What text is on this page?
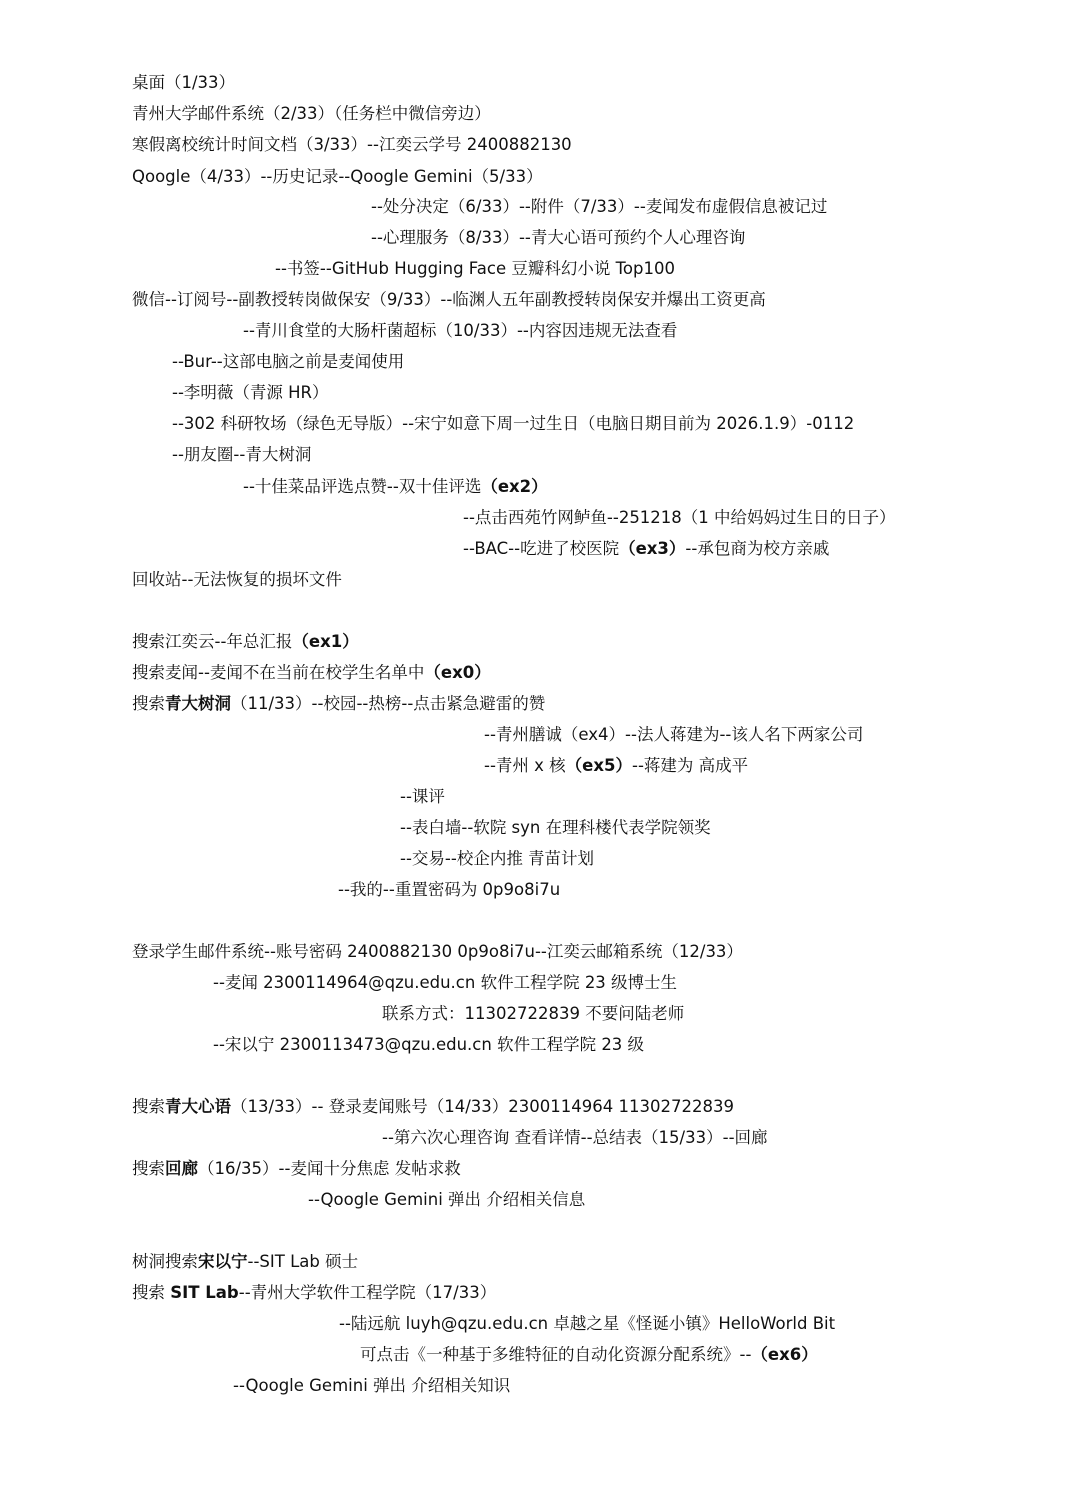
桌面（1/33）
青州大学邮件系统（2/33）（任务栏中微信旁边）
寒假离校统计时间文档（3/33）--江奕云学号 2400882130
Qoogle（4/33）--历史记录--Qoogle Gemini（5/33）
--处分决定（6/33）--附件（7/33）--麦闻发布虚假信息被记过
--心理服务（8/33）--青大心语可预约个人心理咨询
--书签--GitHub Hugging Face 豆瓣科幻小说 Top100
微信--订阅号--副教授转岗做保安（9/33）--临渊人五年副教授转岗保安并爆出工资更高
--青川食堂的大肠杆菌超标（10/33）--内容因违规无法查看
--Bur--这部电脑之前是麦闻使用
--李明薇（青源 HR）
--302 科研牧场（绿色无导版）--宋宁如意下周一过生日（电脑日期目前为 2026.1.9）-0112
--朋友圈--青大树洞
--十佳菜品评选点赞--双十佳评选（ex2）
--点击西苑竹网鲈鱼--251218（1 中给妈妈过生日的日子）
--BAC--吃进了校医院（ex3）--承包商为校方亲戚
回收站--无法恢复的损坏文件
搜索江奕云--年总汇报（ex1）
搜索麦闻--麦闻不在当前在校学生名单中（ex0）
搜索青大树洞（11/33）--校园--热榜--点击紧急避雷的赞
--青州膳诚（ex4）--法人蒋建为--该人名下两家公司
--青州 x 核（ex5）--蒋建为 高成平
--课评
--表白墙--软院 syn 在理科楼代表学院领奖
--交易--校企内推 青苗计划
--我的--重置密码为 0p9o8i7u
登录学生邮件系统--账号密码 2400882130 0p9o8i7u--江奕云邮箱系统（12/33）
--麦闻 2300114964@qzu.edu.cn 软件工程学院 23 级博士生
联系方式：11302722839 不要问陆老师
--宋以宁 2300113473@qzu.edu.cn 软件工程学院 23 级
搜索青大心语（13/33）-- 登录麦闻账号（14/33）2300114964 11302722839
--第六次心理咨询 查看详情--总结表（15/33）--回廊
搜索回廊（16/35）--麦闻十分焦虑 发帖求救
--Qoogle Gemini 弹出 介绍相关信息
树洞搜索宋以宁--SIT Lab 硕士
搜索 SIT Lab--青州大学软件工程学院（17/33）
--陆远航 luyh@qzu.edu.cn 卓越之星《怪诞小镇》HelloWorld Bit
可点击《一种基于多维特征的自动化资源分配系统》--（ex6）
--Qoogle Gemini 弹出 介绍相关知识
